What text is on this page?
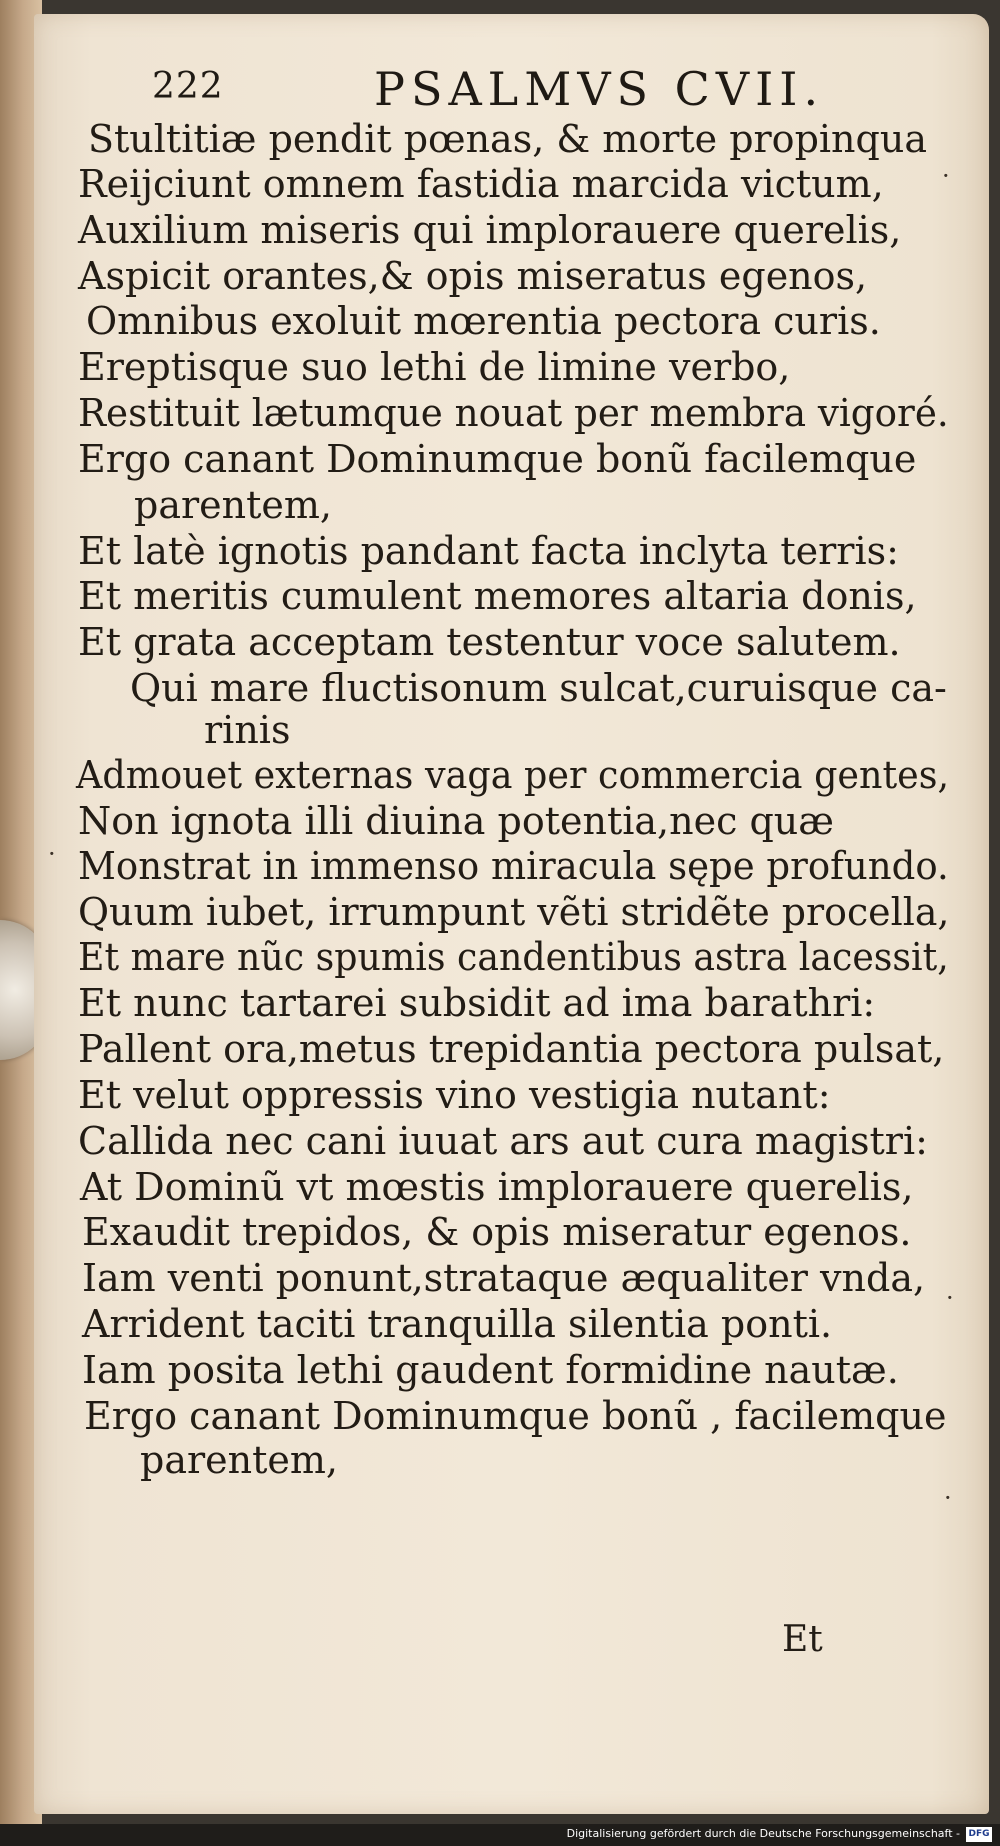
222	PSALMVS CVII.
Stultitiæ pendit pœnas, & morte propinqua
Reijciunt omnem fastidia marcida victum,
Auxilium miseris qui implorauere querelis,
Aspicit orantes,& opis miseratus egenos,
Omnibus exoluit mœrentia pectora curis.
Ereptisque suo lethi de limine verbo,
Restituit lætumque nouat per membra vigoré.
Ergo canant Dominumque bonũ facilemque
parentem,
Et latè ignotis pandant facta inclyta terris:
Et meritis cumulent memores altaria donis,
Et grata acceptam testentur voce salutem.
Qui mare fluctisonum sulcat,curuisque ca-
rinis
Admouet externas vaga per commercia gentes,
Non ignota illi diuina potentia,nec quæ
Monstrat in immenso miracula sępe profundo.
Quum iubet, irrumpunt vẽti stridẽte procella,
Et mare nũc spumis candentibus astra lacessit,
Et nunc tartarei subsidit ad ima barathri:
Pallent ora,metus trepidantia pectora pulsat,
Et velut oppressis vino vestigia nutant:
Callida nec cani iuuat ars aut cura magistri:
At Dominũ vt mœstis implorauere querelis,
Exaudit trepidos, & opis miseratur egenos.
Iam venti ponunt,strataque æqualiter vnda,
Arrident taciti tranquilla silentia ponti.
Iam posita lethi gaudent formidine nautæ.
Ergo canant Dominumque bonũ , facilemque
parentem,
Et
·
·
·
·
Digitalisierung gefördert durch die Deutsche Forschungsgemeinschaft - DFG
